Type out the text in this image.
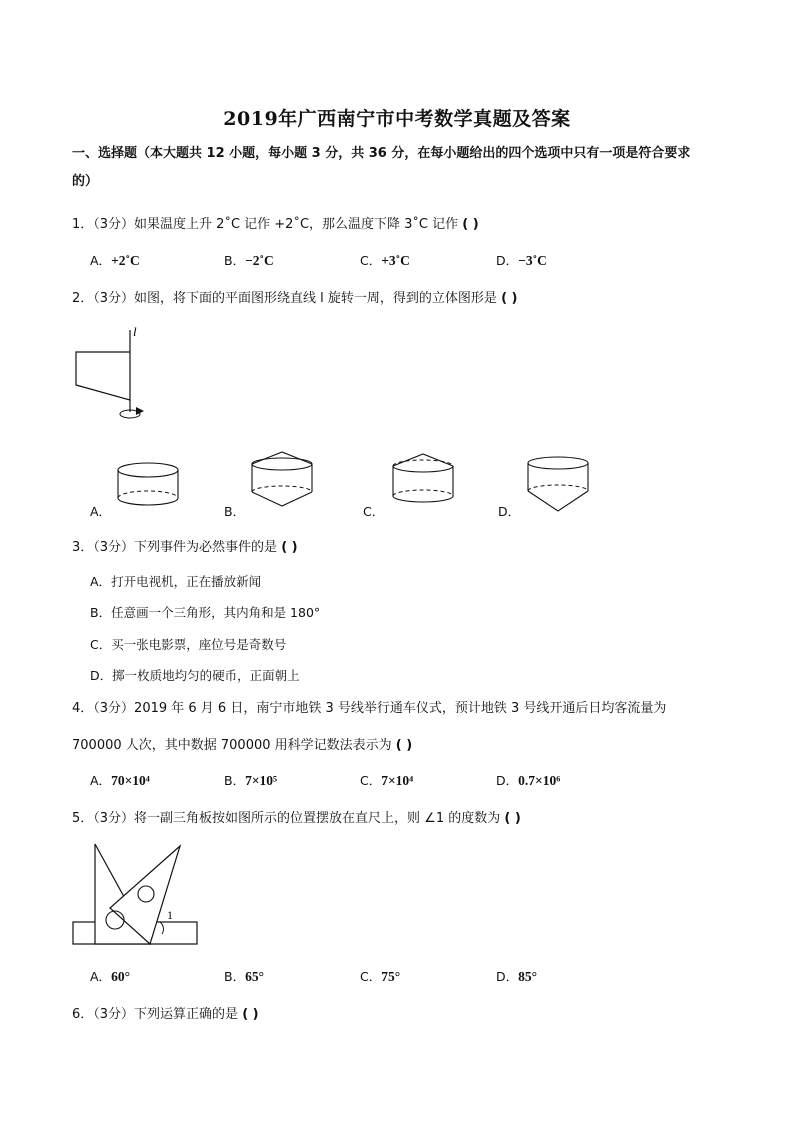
2019年广西南宁市中考数学真题及答案
一、选择题（本大题共 12 小题，每小题 3 分，共 36 分，在每小题给出的四个选项中只有一项是符合要求
的）
1．（3分）如果温度上升 2˚C 记作 +2˚C，那么温度下降 3˚C 记作 ( )
A．+2˚C	B．−2˚C	C．+3˚C	D．−3˚C
2．（3分）如图，将下面的平面图形绕直线 l 旋转一周，得到的立体图形是 ( )
l
A．	B．	C．	D．
3．（3分）下列事件为必然事件的是 ( )
A．打开电视机，正在播放新闻
B．任意画一个三角形，其内角和是 180°
C．买一张电影票，座位号是奇数号
D．掷一枚质地均匀的硬币，正面朝上
4．（3分）2019 年 6 月 6 日，南宁市地铁 3 号线举行通车仪式，预计地铁 3 号线开通后日均客流量为
700000 人次，其中数据 700000 用科学记数法表示为 ( )
A．70×10⁴	B．7×10⁵	C．7×10⁴	D．0.7×10⁶
5．（3分）将一副三角板按如图所示的位置摆放在直尺上，则 ∠1 的度数为 ( )
1
A．60°	B．65°	C．75°	D．85°
6．（3分）下列运算正确的是 ( )
